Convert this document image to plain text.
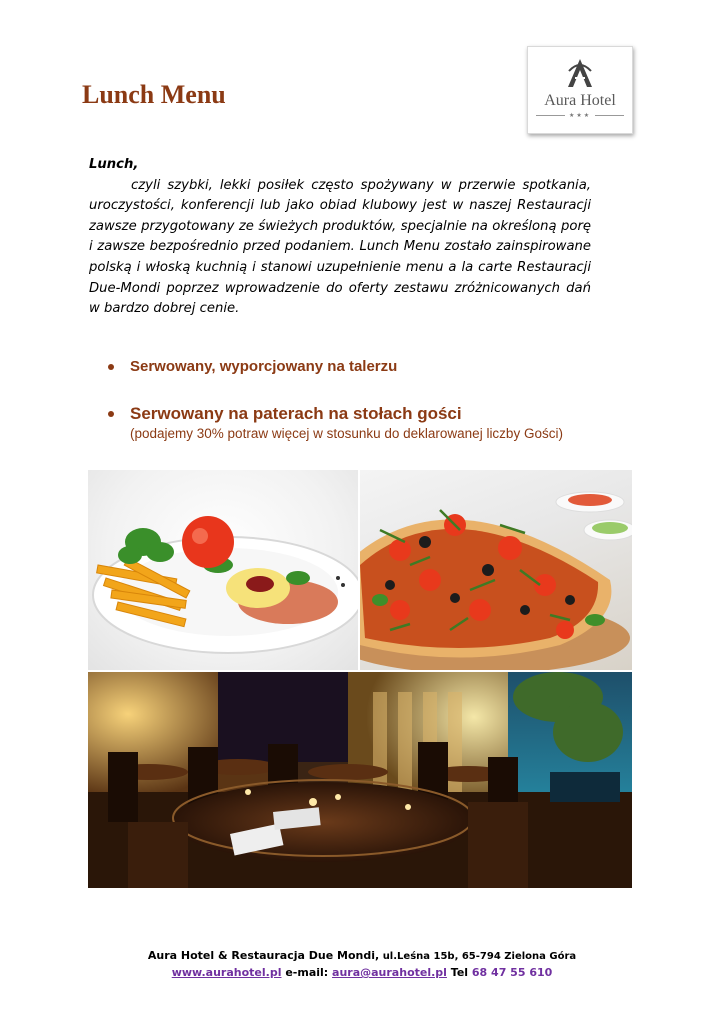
Lunch Menu	Aura Hotel
★★★
Lunch,
czyli szybki, lekki posiłek często spożywany w przerwie spotkania, uroczystości, konferencji lub jako obiad klubowy jest w naszej Restauracji zawsze przygotowany ze świeżych produktów, specjalnie na określoną porę i zawsze bezpośrednio przed podaniem. Lunch Menu zostało zainspirowane polską i włoską kuchnią i stanowi uzupełnienie menu a la carte Restauracji Due-Mondi poprzez wprowadzenie do oferty zestawu zróżnicowanych dań w bardzo dobrej cenie.
Serwowany, wyporcjowany na talerzu
Serwowany na paterach na stołach gości
(podajemy 30% potraw więcej w stosunku do deklarowanej liczby Gości)
Aura Hotel & Restauracja Due Mondi, ul.Leśna 15b, 65-794 Zielona Góra
www.aurahotel.pl e-mail: aura@aurahotel.pl Tel 68 47 55 610
